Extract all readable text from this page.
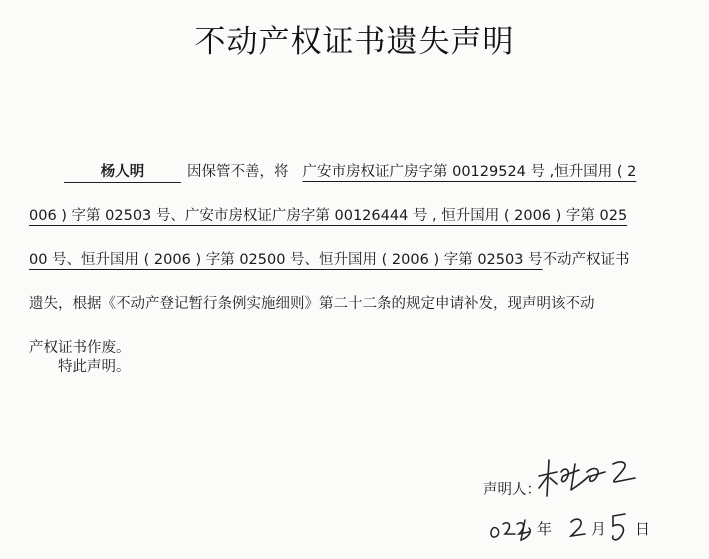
不动产权证书遗失声明
杨人明	因保管不善，将 广安市房权证广房字第 00129524 号 ,恒升国用 ( 2
006 ) 字第 02503 号、广安市房权证广房字第 00126444 号 , 恒升国用 ( 2006 ) 字第 025
00 号、恒升国用 ( 2006 ) 字第 02500 号、恒升国用 ( 2006 ) 字第 02503 号不动产权证书
遗失，根据《不动产登记暂行条例实施细则》第二十二条的规定申请补发，现声明该不动
产权证书作废。
特此声明。
声明人：
年	月 日
